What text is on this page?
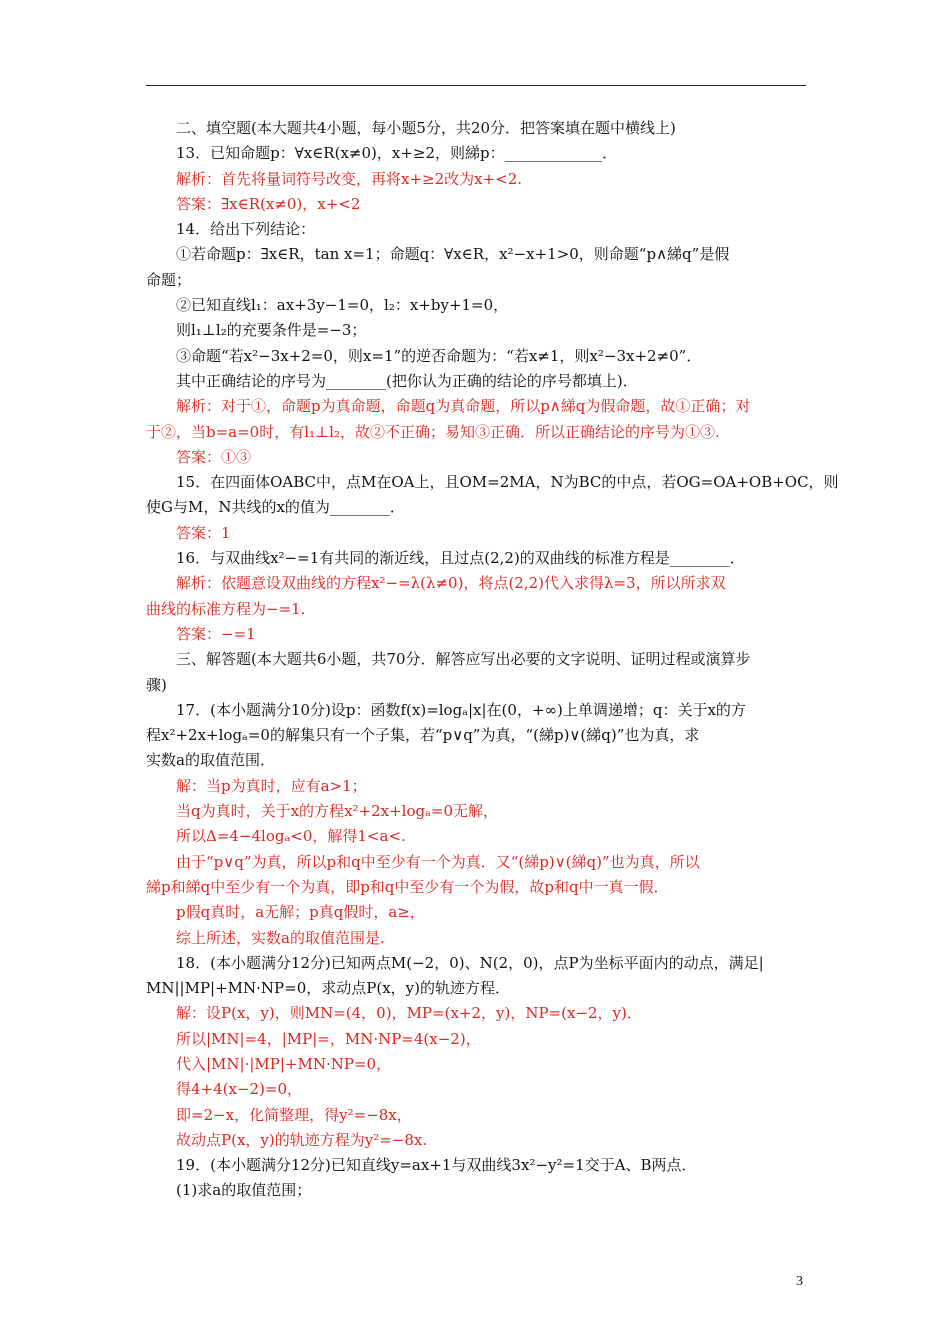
二、填空题(本大题共4小题，每小题5分，共20分．把答案填在题中横线上)
13．已知命题p：∀x∈R(x≠0)，x+≥2，则綈p：_____________．
解析：首先将量词符号改变，再将x+≥2改为x+<2.
答案：∃x∈R(x≠0)，x+<2
14．给出下列结论：
①若命题p：∃x∈R，tan x=1；命题q：∀x∈R，x²−x+1>0，则命题“p∧綈q”是假
命题；
②已知直线l₁：ax+3y−1=0，l₂：x+by+1=0，
则l₁⊥l₂的充要条件是=−3；
③命题“若x²−3x+2=0，则x=1”的逆否命题为：“若x≠1，则x²−3x+2≠0”．
其中正确结论的序号为________(把你认为正确的结论的序号都填上)．
解析：对于①，命题p为真命题，命题q为真命题，所以p∧綈q为假命题，故①正确；对
于②，当b=a=0时，有l₁⊥l₂，故②不正确；易知③正确．所以正确结论的序号为①③.
答案：①③
15．在四面体OABC中，点M在OA上，且OM=2MA，N为BC的中点，若OG=OA+OB+OC，则
使G与M，N共线的x的值为________．
答案：1
16．与双曲线x²−=1有共同的渐近线，且过点(2,2)的双曲线的标准方程是________．
解析：依题意设双曲线的方程x²−=λ(λ≠0)，将点(2,2)代入求得λ=3，所以所求双
曲线的标准方程为−=1.
答案：−=1
三、解答题(本大题共6小题，共70分．解答应写出必要的文字说明、证明过程或演算步
骤)
17．(本小题满分10分)设p：函数f(x)=logₐ|x|在(0，+∞)上单调递增；q：关于x的方
程x²+2x+logₐ=0的解集只有一个子集，若“p∨q”为真，“(綈p)∨(綈q)”也为真，求
实数a的取值范围．
解：当p为真时，应有a>1；
当q为真时，关于x的方程x²+2x+logₐ=0无解，
所以Δ=4−4logₐ<0，解得1<a<.
由于“p∨q”为真，所以p和q中至少有一个为真．又“(綈p)∨(綈q)”也为真，所以
綈p和綈q中至少有一个为真，即p和q中至少有一个为假，故p和q中一真一假．
p假q真时，a无解；p真q假时，a≥，
综上所述，实数a的取值范围是.
18．(本小题满分12分)已知两点M(−2，0)、N(2，0)，点P为坐标平面内的动点，满足|
MN||MP|+MN·NP=0，求动点P(x，y)的轨迹方程．
解：设P(x，y)，则MN=(4，0)，MP=(x+2，y)，NP=(x−2，y)．
所以|MN|=4，|MP|=，MN·NP=4(x−2)，
代入|MN|·|MP|+MN·NP=0，
得4+4(x−2)=0，
即=2−x，化简整理，得y²=−8x，
故动点P(x，y)的轨迹方程为y²=−8x.
19．(本小题满分12分)已知直线y=ax+1与双曲线3x²−y²=1交于A、B两点．
(1)求a的取值范围；
3
